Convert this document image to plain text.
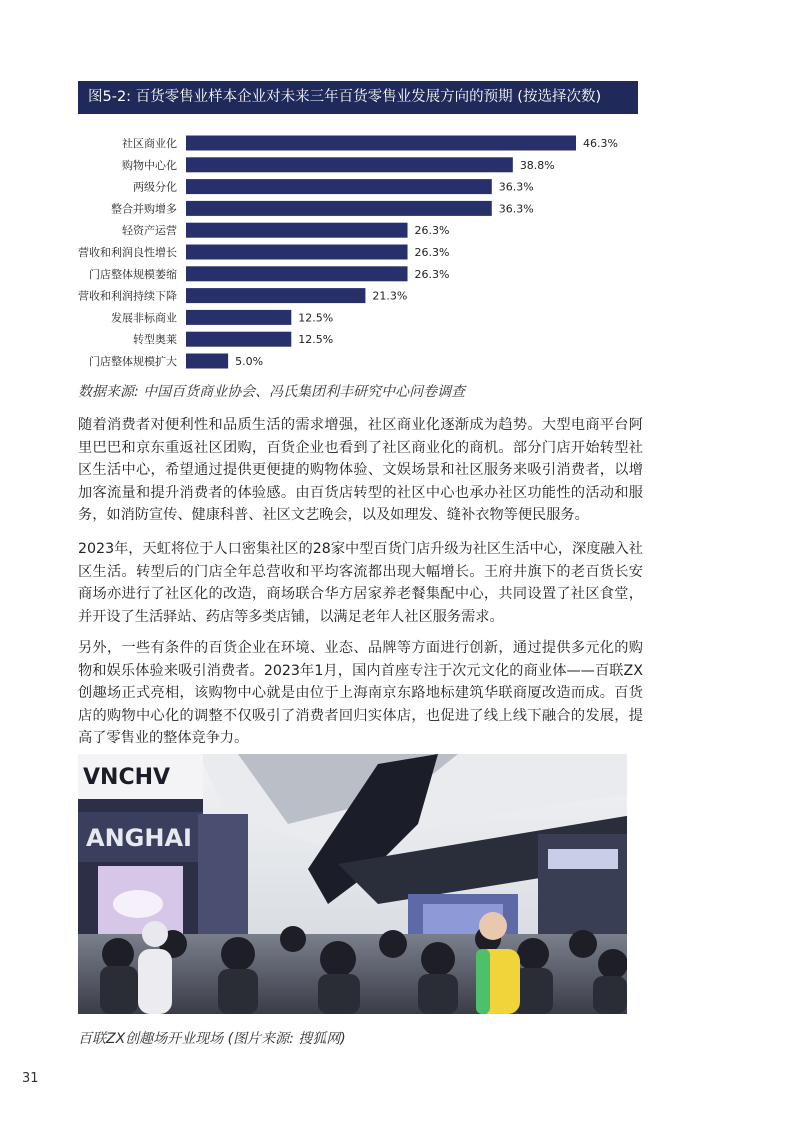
图5-2: 百货零售业样本企业对未来三年百货零售业发展方向的预期 (按选择次数)
社区商业化	46.3%
购物中心化	38.8%
两级分化	36.3%
整合并购增多	36.3%
轻资产运营	26.3%
营收和利润良性增长	26.3%
门店整体规模萎缩	26.3%
营收和利润持续下降	21.3%
发展非标商业	12.5%
转型奥莱	12.5%
门店整体规模扩大	5.0%
数据来源: 中国百货商业协会、冯氏集团利丰研究中心问卷调查

随着消费者对便利性和品质生活的需求增强，社区商业化逐渐成为趋势。大型电商平台阿里巴巴和京东重返社区团购，百货企业也看到了社区商业化的商机。部分门店开始转型社区生活中心，希望通过提供更便捷的购物体验、文娱场景和社区服务来吸引消费者，以增加客流量和提升消费者的体验感。由百货店转型的社区中心也承办社区功能性的活动和服务，如消防宣传、健康科普、社区文艺晚会，以及如理发、缝补衣物等便民服务。

2023年，天虹将位于人口密集社区的28家中型百货门店升级为社区生活中心，深度融入社区生活。转型后的门店全年总营收和平均客流都出现大幅增长。王府井旗下的老百货长安商场亦进行了社区化的改造，商场联合华方居家养老餐集配中心，共同设置了社区食堂，并开设了生活驿站、药店等多类店铺，以满足老年人社区服务需求。

另外，一些有条件的百货企业在环境、业态、品牌等方面进行创新，通过提供多元化的购物和娱乐体验来吸引消费者。2023年1月，国内首座专注于次元文化的商业体——百联ZX创趣场正式亮相，该购物中心就是由位于上海南京东路地标建筑华联商厦改造而成。百货店的购物中心化的调整不仅吸引了消费者回归实体店，也促进了线上线下融合的发展，提高了零售业的整体竞争力。

VNCHV
ANGHAI
百联ZX创趣场开业现场 (图片来源: 搜狐网)
31
